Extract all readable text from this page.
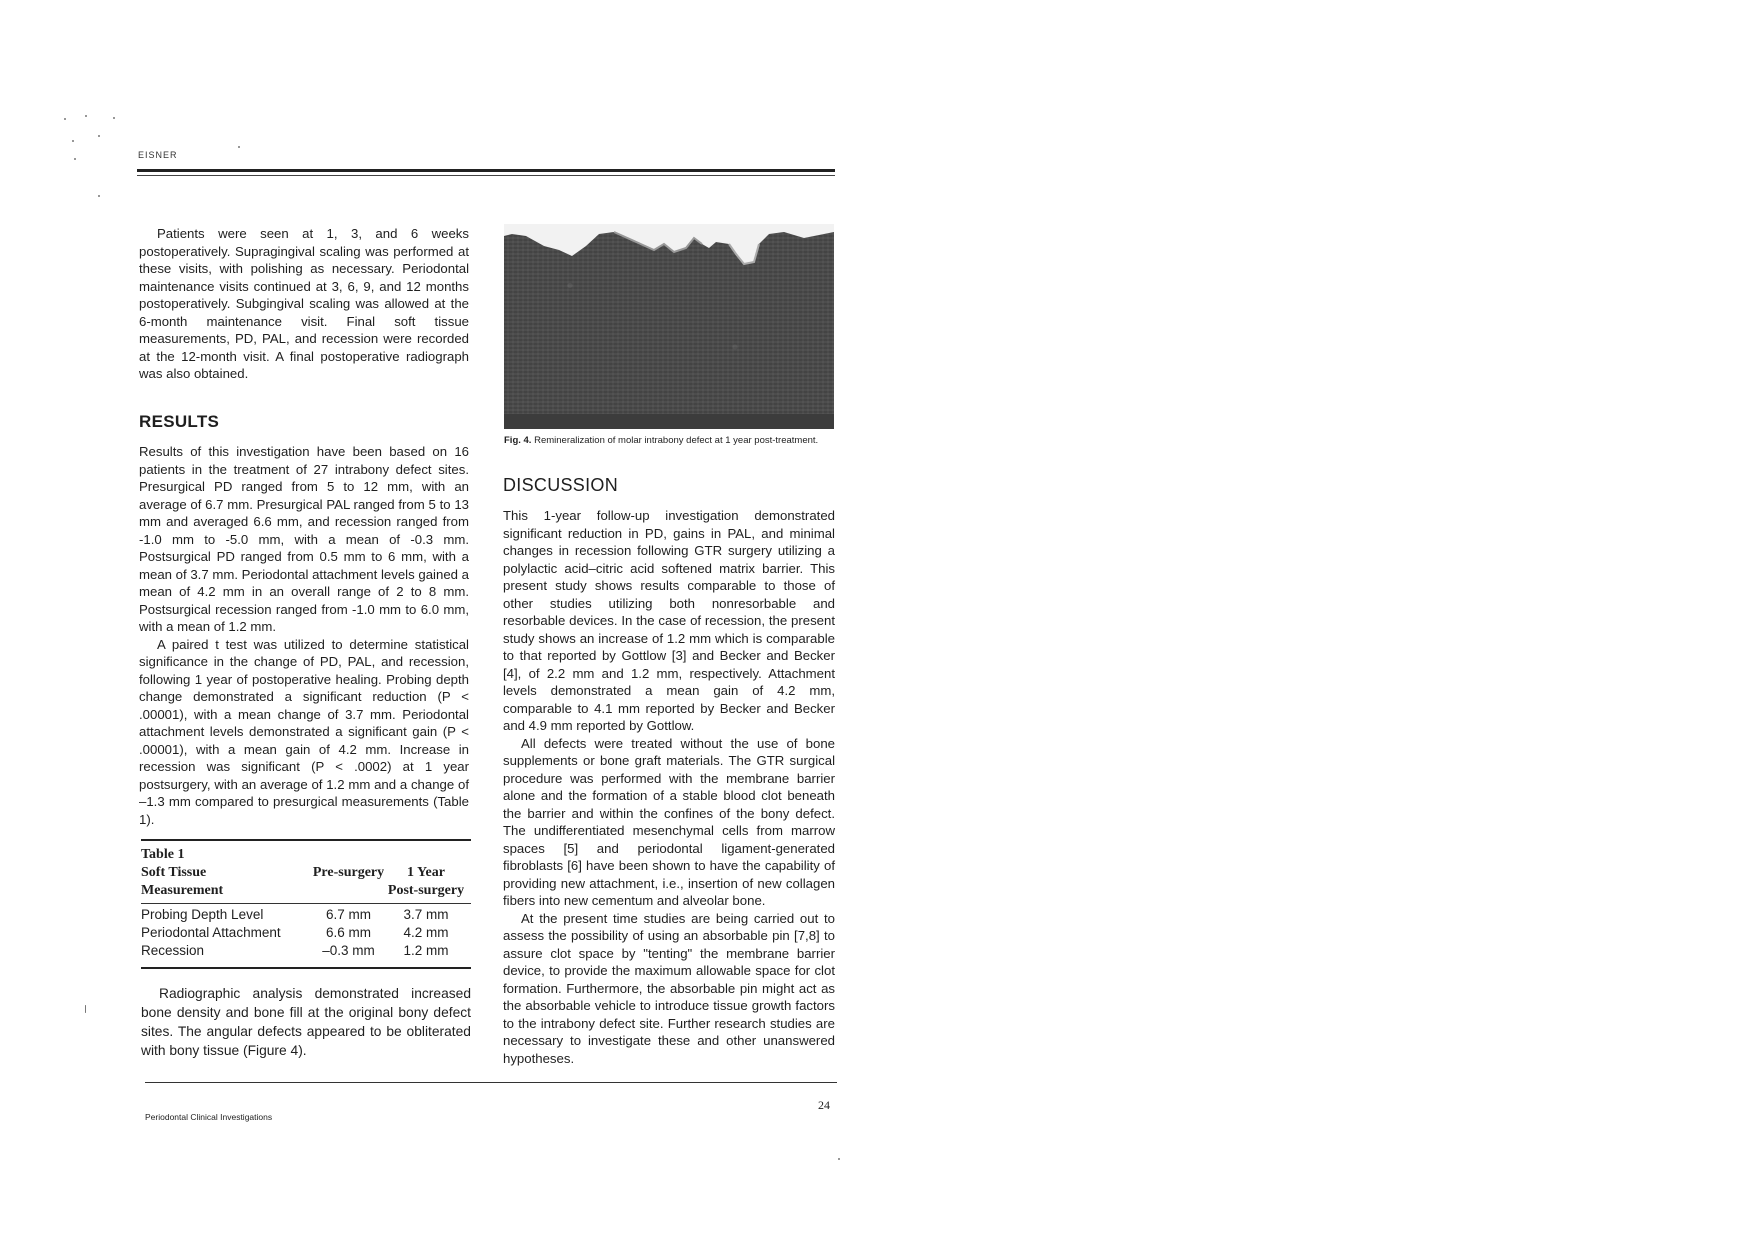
EISNER

Patients were seen at 1, 3, and 6 weeks postoperatively. Supragingival scaling was performed at these visits, with polishing as necessary. Periodontal maintenance visits continued at 3, 6, 9, and 12 months postoperatively. Subgingival scaling was allowed at the 6-month maintenance visit. Final soft tissue measurements, PD, PAL, and recession were recorded at the 12-month visit. A final postoperative radiograph was also obtained.

RESULTS

Results of this investigation have been based on 16 patients in the treatment of 27 intrabony defect sites. Presurgical PD ranged from 5 to 12 mm, with an average of 6.7 mm. Presurgical PAL ranged from 5 to 13 mm and averaged 6.6 mm, and recession ranged from -1.0 mm to -5.0 mm, with a mean of -0.3 mm. Postsurgical PD ranged from 0.5 mm to 6 mm, with a mean of 3.7 mm. Periodontal attachment levels gained a mean of 4.2 mm in an overall range of 2 to 8 mm. Postsurgical recession ranged from -1.0 mm to 6.0 mm, with a mean of 1.2 mm.

A paired t test was utilized to determine statistical significance in the change of PD, PAL, and recession, following 1 year of postoperative healing. Probing depth change demonstrated a significant reduction (P < .00001), with a mean change of 3.7 mm. Periodontal attachment levels demonstrated a significant gain (P < .00001), with a mean gain of 4.2 mm. Increase in recession was significant (P < .0002) at 1 year postsurgery, with an average of 1.2 mm and a change of –1.3 mm compared to presurgical measurements (Table 1).

Table 1
Soft Tissue
Measurement
Pre-surgery	1 Year
Post-surgery
Probing Depth Level	6.7 mm	3.7 mm
Periodontal Attachment	6.6 mm	4.2 mm
Recession	–0.3 mm	1.2 mm

Radiographic analysis demonstrated increased bone density and bone fill at the original bony defect sites. The angular defects appeared to be obliterated with bony tissue (Figure 4).

Fig. 4. Remineralization of molar intrabony defect at 1 year post-treatment.
DISCUSSION

This 1-year follow-up investigation demonstrated significant reduction in PD, gains in PAL, and minimal changes in recession following GTR surgery utilizing a polylactic acid–citric acid softened matrix barrier. This present study shows results comparable to those of other studies utilizing both nonresorbable and resorbable devices. In the case of recession, the present study shows an increase of 1.2 mm which is comparable to that reported by Gottlow [3] and Becker and Becker [4], of 2.2 mm and 1.2 mm, respectively. Attachment levels demonstrated a mean gain of 4.2 mm, comparable to 4.1 mm reported by Becker and Becker and 4.9 mm reported by Gottlow.

All defects were treated without the use of bone supplements or bone graft materials. The GTR surgical procedure was performed with the membrane barrier alone and the formation of a stable blood clot beneath the barrier and within the confines of the bony defect. The undifferentiated mesenchymal cells from marrow spaces [5] and periodontal ligament-generated fibroblasts [6] have been shown to have the capability of providing new attachment, i.e., insertion of new collagen fibers into new cementum and alveolar bone.

At the present time studies are being carried out to assess the possibility of using an absorbable pin [7,8] to assure clot space by "tenting" the membrane barrier device, to provide the maximum allowable space for clot formation. Furthermore, the absorbable pin might act as the absorbable vehicle to introduce tissue growth factors to the intrabony defect site. Further research studies are necessary to investigate these and other unanswered hypotheses.

Periodontal Clinical Investigations
24
